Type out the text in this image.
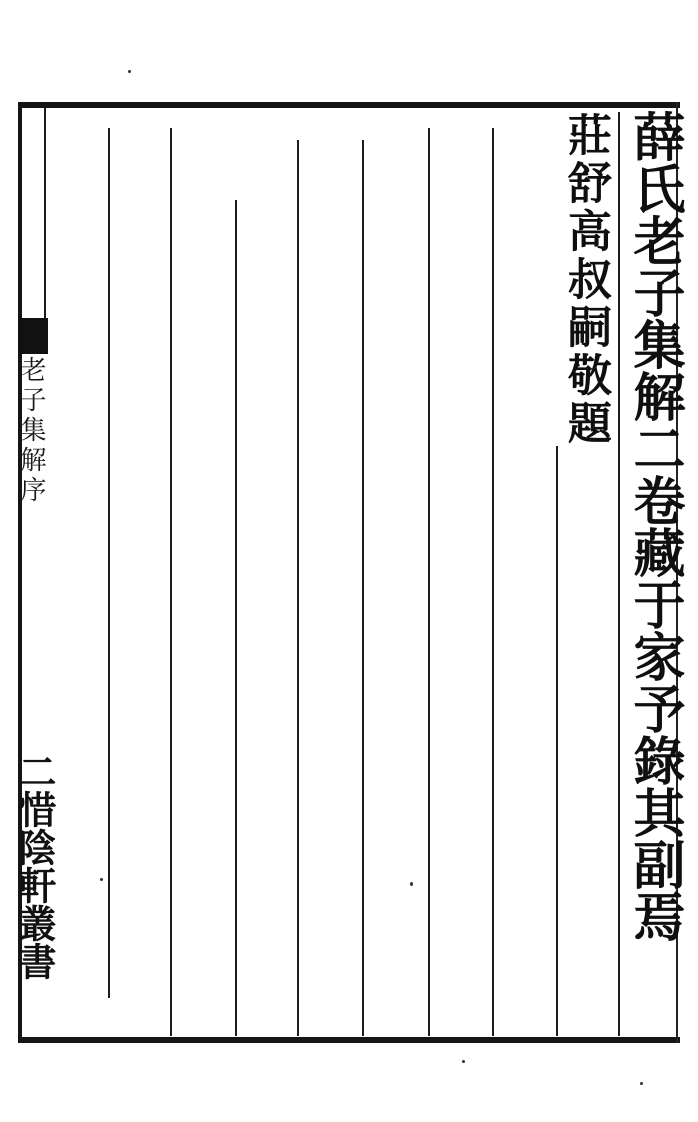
老子集解序
二惜陰軒叢書	薛氏老子集解二卷藏于家予錄其副焉
莊舒高叔嗣敬題
